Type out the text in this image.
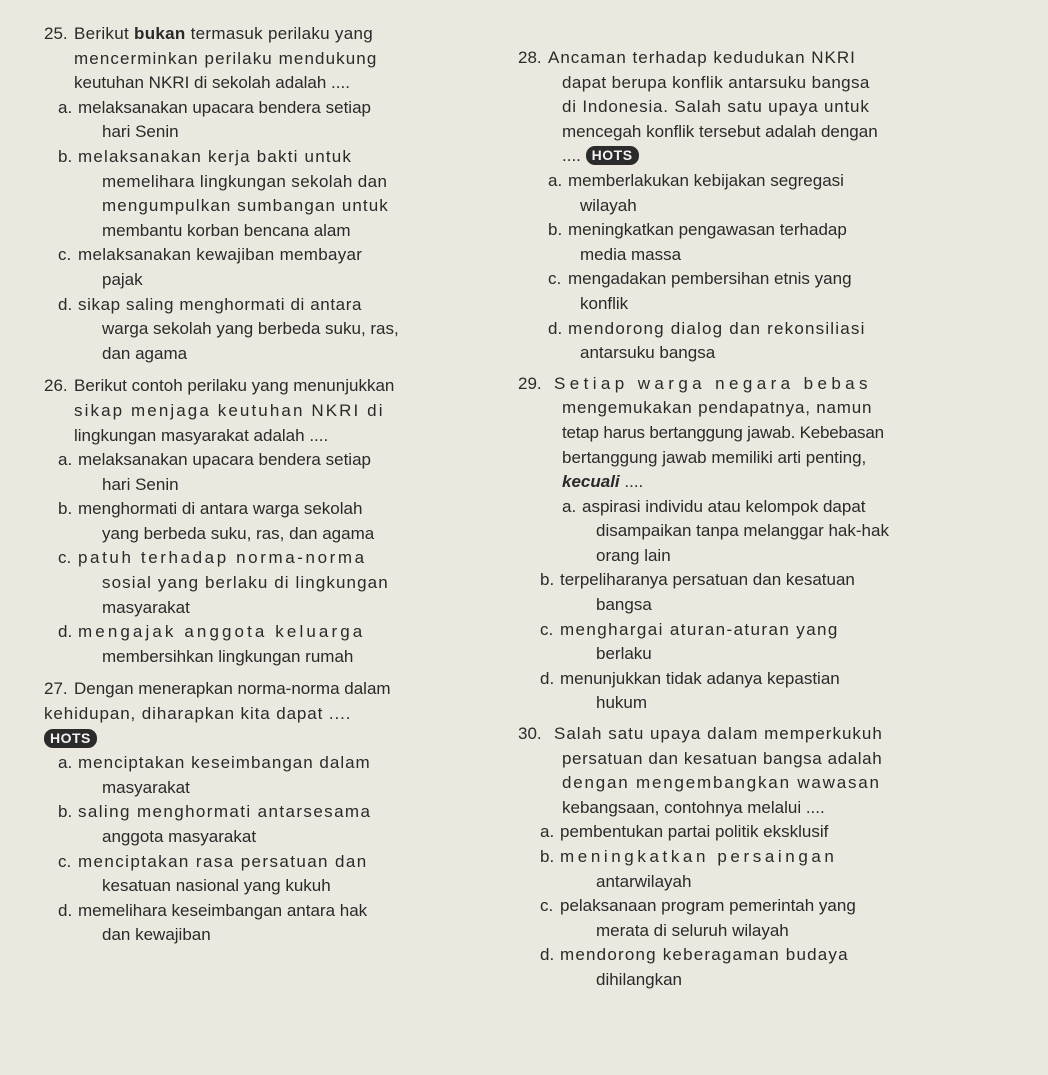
25. Berikut bukan termasuk perilaku yang
mencerminkan perilaku mendukung
keutuhan NKRI di sekolah adalah ....
a. melaksanakan upacara bendera setiap
hari Senin
b. melaksanakan kerja bakti untuk
memelihara lingkungan sekolah dan
mengumpulkan sumbangan untuk
membantu korban bencana alam
c. melaksanakan kewajiban membayar
pajak
d. sikap saling menghormati di antara
warga sekolah yang berbeda suku, ras,
dan agama
26. Berikut contoh perilaku yang menunjukkan
sikap menjaga keutuhan NKRI di
lingkungan masyarakat adalah ....
a. melaksanakan upacara bendera setiap
hari Senin
b. menghormati di antara warga sekolah
yang berbeda suku, ras, dan agama
c. patuh terhadap norma-norma
sosial yang berlaku di lingkungan
masyarakat
d. mengajak anggota keluarga
membersihkan lingkungan rumah
27. Dengan menerapkan norma-norma dalam
kehidupan, diharapkan kita dapat ....
HOTS
a. menciptakan keseimbangan dalam
masyarakat
b. saling menghormati antarsesama
anggota masyarakat
c. menciptakan rasa persatuan dan
kesatuan nasional yang kukuh
d. memelihara keseimbangan antara hak
dan kewajiban
28. Ancaman terhadap kedudukan NKRI
dapat berupa konflik antarsuku bangsa
di Indonesia. Salah satu upaya untuk
mencegah konflik tersebut adalah dengan
.... HOTS
a. memberlakukan kebijakan segregasi
wilayah
b. meningkatkan pengawasan terhadap
media massa
c. mengadakan pembersihan etnis yang
konflik
d. mendorong dialog dan rekonsiliasi
antarsuku bangsa
29. Setiap warga negara bebas
mengemukakan pendapatnya, namun
tetap harus bertanggung jawab. Kebebasan
bertanggung jawab memiliki arti penting,
kecuali ....
a. aspirasi individu atau kelompok dapat
disampaikan tanpa melanggar hak-hak
orang lain
b. terpeliharanya persatuan dan kesatuan
bangsa
c. menghargai aturan-aturan yang
berlaku
d. menunjukkan tidak adanya kepastian
hukum
30. Salah satu upaya dalam memperkukuh
persatuan dan kesatuan bangsa adalah
dengan mengembangkan wawasan
kebangsaan, contohnya melalui ....
a. pembentukan partai politik eksklusif
b. meningkatkan persaingan
antarwilayah
c. pelaksanaan program pemerintah yang
merata di seluruh wilayah
d. mendorong keberagaman budaya
dihilangkan
